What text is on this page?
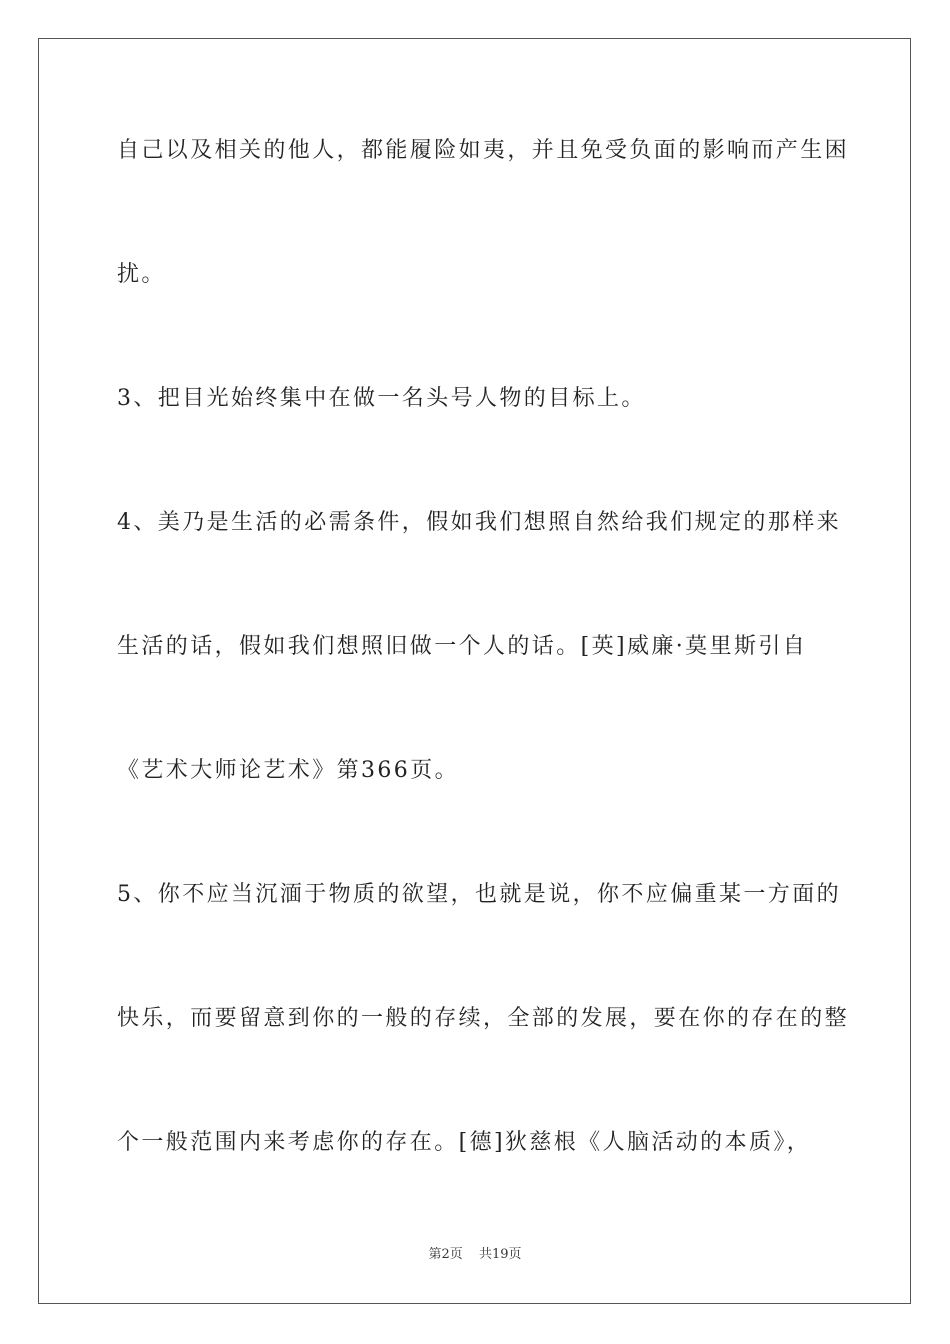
自己以及相关的他人，都能履险如夷，并且免受负面的影响而产生困
扰。
3、把目光始终集中在做一名头号人物的目标上。
4、美乃是生活的必需条件，假如我们想照自然给我们规定的那样来
生活的话，假如我们想照旧做一个人的话。[英]威廉·莫里斯引自
《艺术大师论艺术》第366页。
5、你不应当沉湎于物质的欲望，也就是说，你不应偏重某一方面的
快乐，而要留意到你的一般的存续，全部的发展，要在你的存在的整
个一般范围内来考虑你的存在。[德]狄慈根《人脑活动的本质》，
第2页 共19页
